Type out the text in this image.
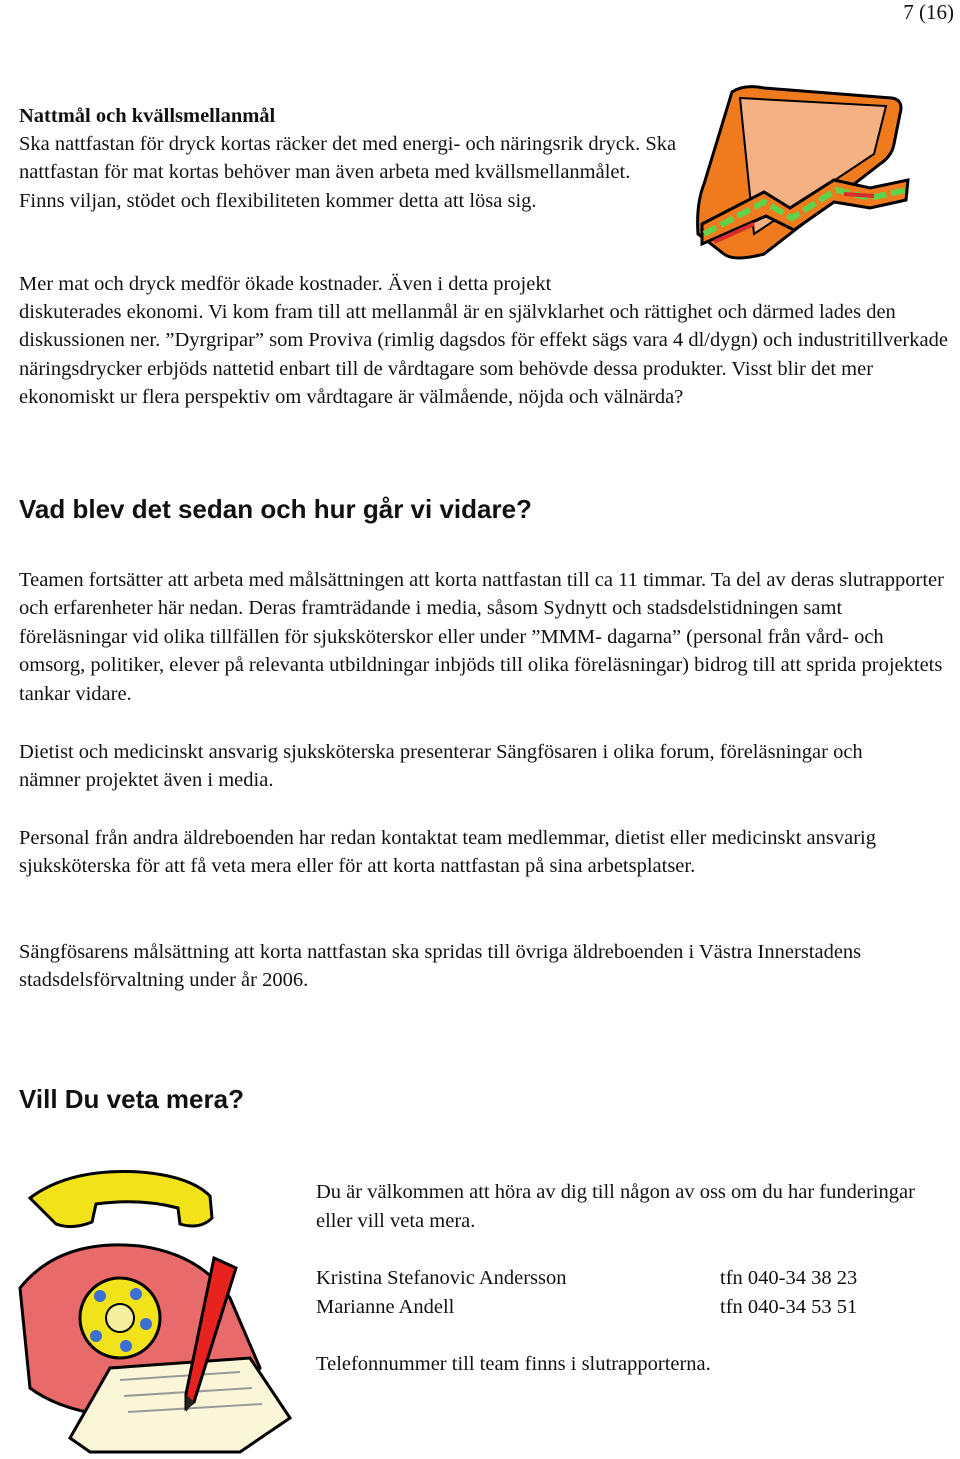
7 (16)
Nattmål och kvällsmellanmål

Ska nattfastan för dryck kortas räcker det med energi- och näringsrik dryck. Ska nattfastan för mat kortas behöver man även arbeta med kvällsmellanmålet. Finns viljan, stödet och flexibiliteten kommer detta att lösa sig.

Mer mat och dryck medför ökade kostnader. Även i detta projekt
diskuterades ekonomi. Vi kom fram till att mellanmål är en självklarhet och rättighet och därmed lades den diskussionen ner. ”Dyrgripar” som Proviva (rimlig dagsdos för effekt sägs vara 4 dl/dygn) och industritillverkade näringsdrycker erbjöds nattetid enbart till de vårdtagare som behövde dessa produkter. Visst blir det mer ekonomiskt ur flera perspektiv om vårdtagare är välmående, nöjda och välnärda?
Vad blev det sedan och hur går vi vidare?

Teamen fortsätter att arbeta med målsättningen att korta nattfastan till ca 11 timmar. Ta del av deras slutrapporter och erfarenheter här nedan. Deras framträdande i media, såsom Sydnytt och stadsdelstidningen samt föreläsningar vid olika tillfällen för sjuksköterskor eller under ”MMM- dagarna” (personal från vård- och omsorg, politiker, elever på relevanta utbildningar inbjöds till olika föreläsningar) bidrog till att sprida projektets tankar vidare.

Dietist och medicinskt ansvarig sjuksköterska presenterar Sängfösaren i olika forum, föreläsningar och nämner projektet även i media.

Personal från andra äldreboenden har redan kontaktat team medlemmar, dietist eller medicinskt ansvarig sjuksköterska för att få veta mera eller för att korta nattfastan på sina arbetsplatser.

Sängfösarens målsättning att korta nattfastan ska spridas till övriga äldreboenden i Västra Innerstadens stadsdelsförvaltning under år 2006.

Vill Du veta mera?

Du är välkommen att höra av dig till någon av oss om du har funderingar eller vill veta mera.

Kristina Stefanovic Andersson	tfn 040-34 38 23
Marianne Andell	tfn 040-34 53 51
Telefonnummer till team finns i slutrapporterna.
